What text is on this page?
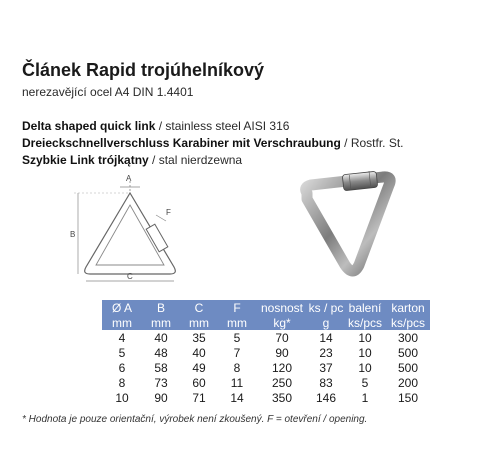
Článek Rapid trojúhelníkový
nerezavějící ocel A4 DIN 1.4401
Delta shaped quick link / stainless steel AISI 316
Dreieckschnellverschluss Karabiner mit Verschraubung / Rostfr. St.
Szybkie Link trójkątny / stal nierdzewna
A
B
C
F
Ø A	B	C	F	nosnost	ks / pc	balení	karton
mm	mm	mm	mm	kg*	g	ks/pcs	ks/pcs
4	40	35	5	70	14	10	300
5	48	40	7	90	23	10	500
6	58	49	8	120	37	10	500
8	73	60	11	250	83	5	200
10	90	71	14	350	146	1	150
* Hodnota je pouze orientační, výrobek není zkoušený. F = otevření / opening.
